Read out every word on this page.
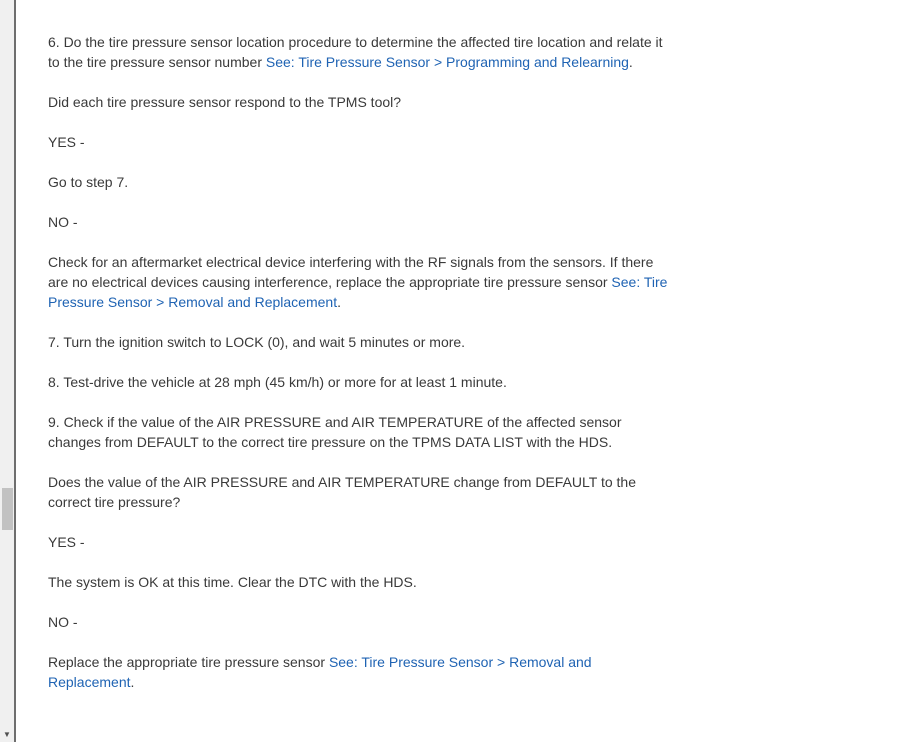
▼

6. Do the tire pressure sensor location procedure to determine the affected tire location and relate it to the tire pressure sensor number See: Tire Pressure Sensor > Programming and Relearning.

Did each tire pressure sensor respond to the TPMS tool?

YES -

Go to step 7.

NO -

Check for an aftermarket electrical device interfering with the RF signals from the sensors. If there are no electrical devices causing interference, replace the appropriate tire pressure sensor See: Tire Pressure Sensor > Removal and Replacement.

7. Turn the ignition switch to LOCK (0), and wait 5 minutes or more.

8. Test-drive the vehicle at 28 mph (45 km/h) or more for at least 1 minute.

9. Check if the value of the AIR PRESSURE and AIR TEMPERATURE of the affected sensor changes from DEFAULT to the correct tire pressure on the TPMS DATA LIST with the HDS.

Does the value of the AIR PRESSURE and AIR TEMPERATURE change from DEFAULT to the correct tire pressure?

YES -

The system is OK at this time. Clear the DTC with the HDS.

NO -

Replace the appropriate tire pressure sensor See: Tire Pressure Sensor > Removal and Replacement.
